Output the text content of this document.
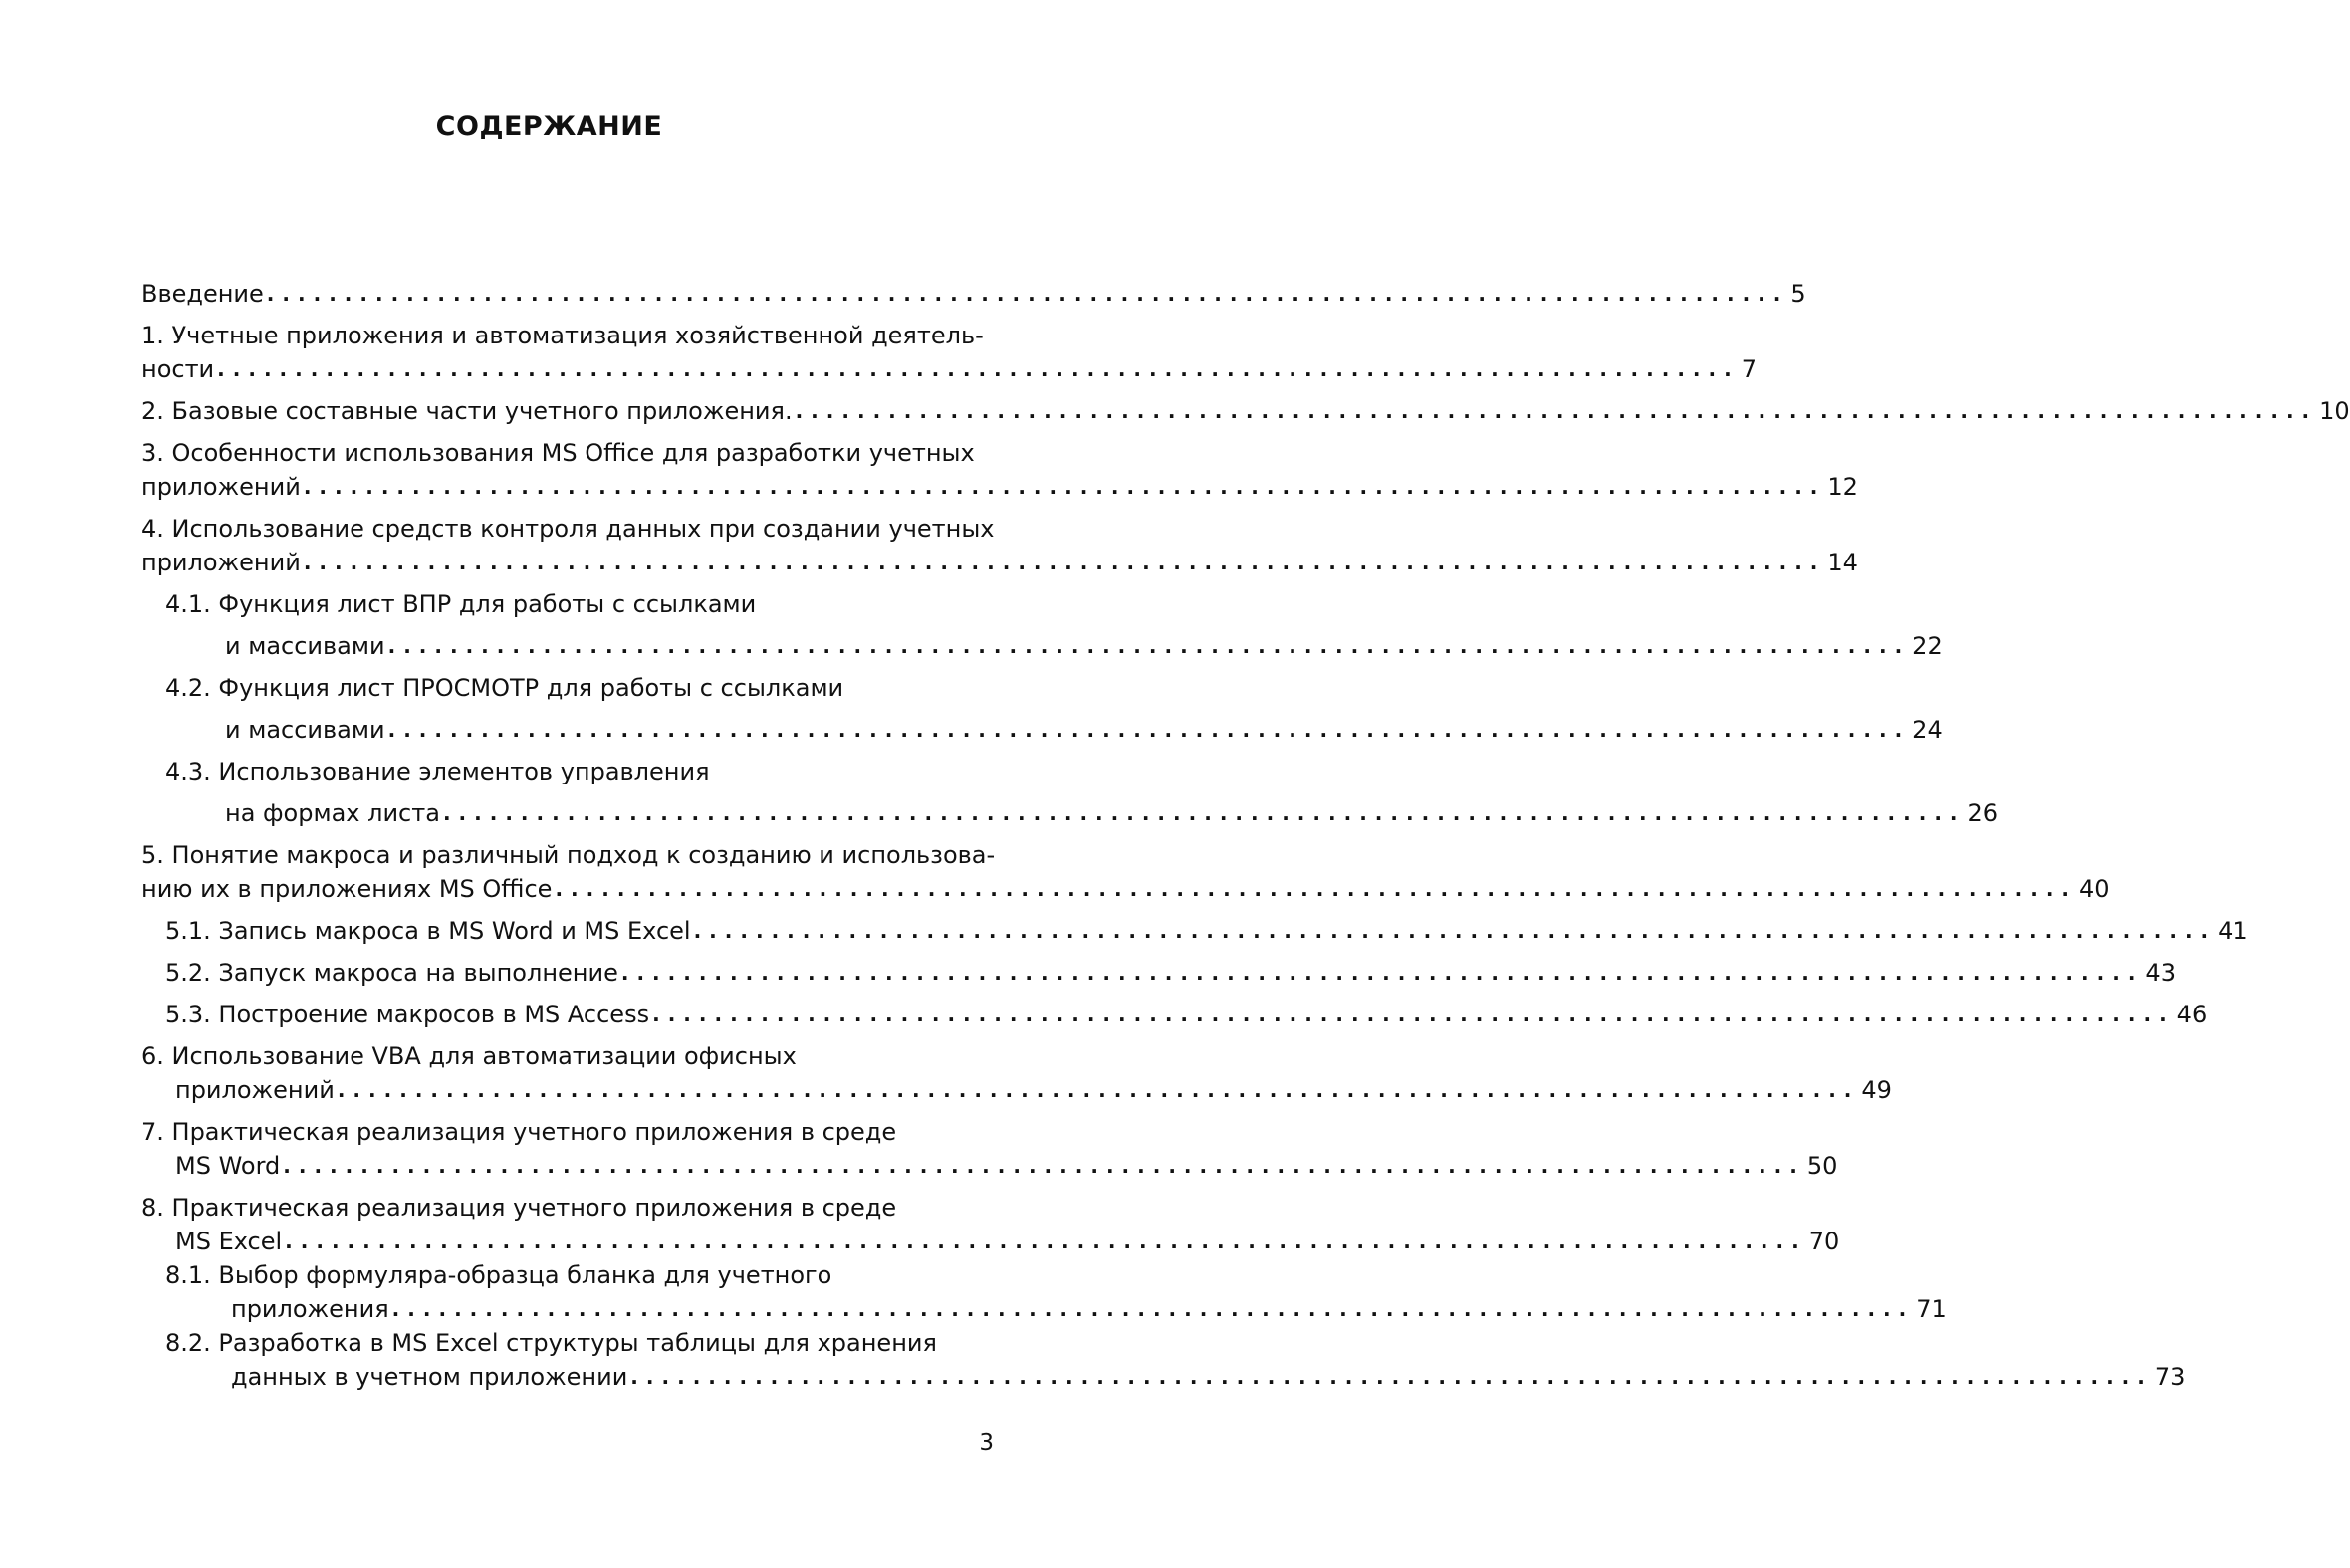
СОДЕРЖАНИЕ
Введение .................................................................................................. 5
1. Учетные приложения и автоматизация хозяйственной деятель-
ности .................................................................................................. 7
2. Базовые составные части учетного приложения. .................................................................................................. 10
3. Особенности использования MS Office для разработки учетных
приложений .................................................................................................. 12
4. Использование средств контроля данных при создании учетных
приложений .................................................................................................. 14
4.1. Функция лист ВПР для работы с ссылками
и массивами .................................................................................................. 22
4.2. Функция лист ПРОСМОТР для работы с ссылками
и массивами .................................................................................................. 24
4.3. Использование элементов управления
на формах листа .................................................................................................. 26
5. Понятие макроса и различный подход к созданию и использова-
нию их в приложениях MS Office .................................................................................................. 40
5.1. Запись макроса в MS Word и MS Excel .................................................................................................. 41
5.2. Запуск макроса на выполнение .................................................................................................. 43
5.3. Построение макросов в MS Access .................................................................................................. 46
6. Использование VBA для автоматизации офисных
приложений .................................................................................................. 49
7. Практическая реализация учетного приложения в среде
MS Word .................................................................................................. 50
8. Практическая реализация учетного приложения в среде
MS Excel .................................................................................................. 70
8.1. Выбор формуляра-образца бланка для учетного
приложения .................................................................................................. 71
8.2. Разработка в MS Excel структуры таблицы для хранения
данных в учетном приложении .................................................................................................. 73

3
